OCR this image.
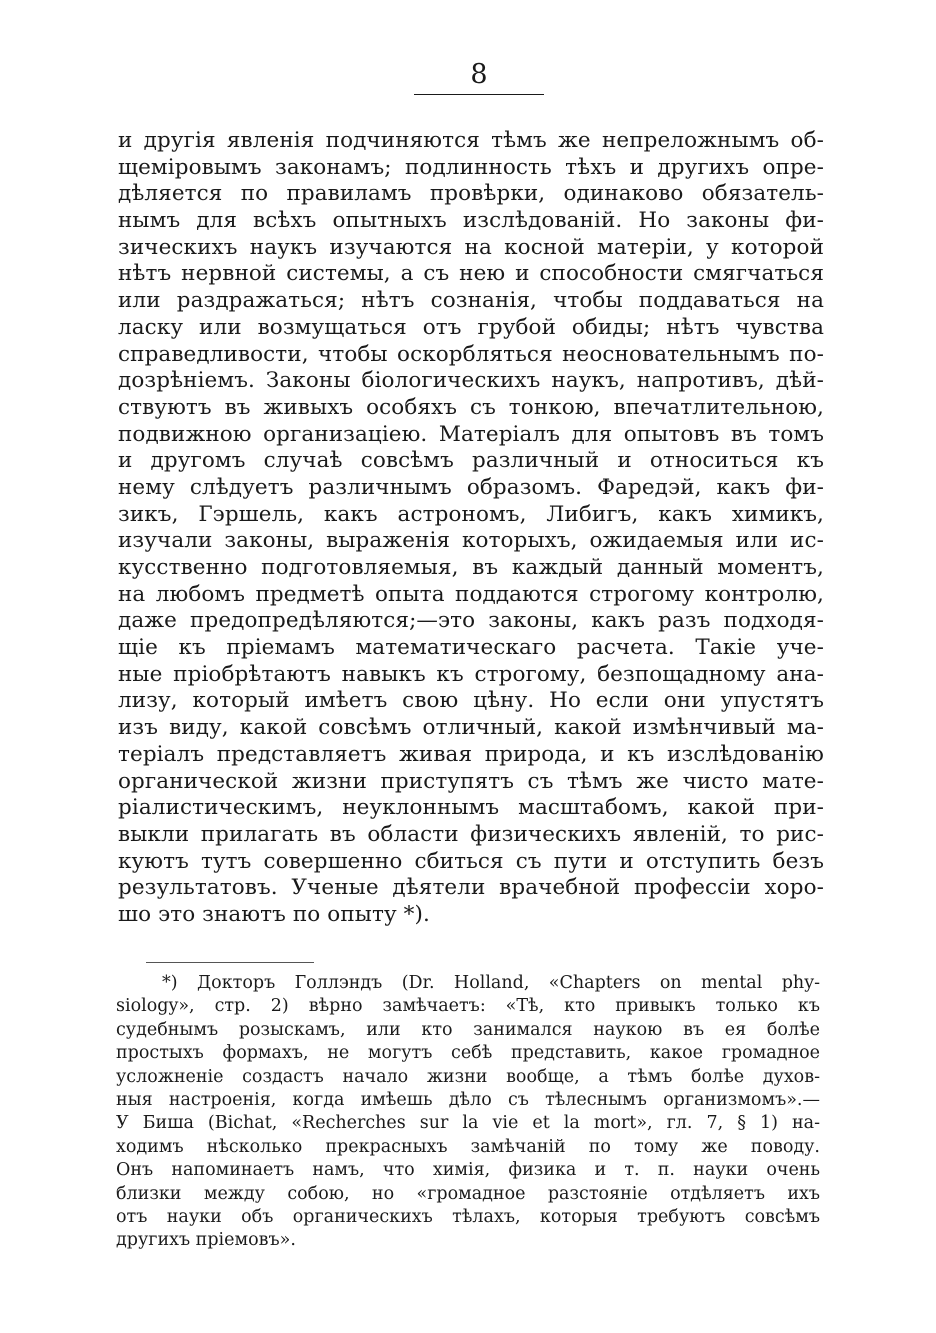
8
и другія явленія подчиняются тѣмъ же непреложнымъ об-
щеміровымъ законамъ; подлинность тѣхъ и другихъ опре-
дѣляется по правиламъ провѣрки, одинаково обязатель-
нымъ для всѣхъ опытныхъ изслѣдованій. Но законы фи-
зическихъ наукъ изучаются на косной матеріи, у которой
нѣтъ нервной системы, а съ нею и способности смягчаться
или раздражаться; нѣтъ сознанія, чтобы поддаваться на
ласку или возмущаться отъ грубой обиды; нѣтъ чувства
справедливости, чтобы оскорбляться неосновательнымъ по-
дозрѣніемъ. Законы біологическихъ наукъ, напротивъ, дѣй-
ствуютъ въ живыхъ особяхъ съ тонкою, впечатлительною,
подвижною организаціею. Матеріалъ для опытовъ въ томъ
и другомъ случаѣ совсѣмъ различный и относиться къ
нему слѣдуетъ различнымъ образомъ. Фаредэй, какъ фи-
зикъ, Гэршель, какъ астрономъ, Либигъ, какъ химикъ,
изучали законы, выраженія которыхъ, ожидаемыя или ис-
кусственно подготовляемыя, въ каждый данный моментъ,
на любомъ предметѣ опыта поддаются строгому контролю,
даже предопредѣляются;—это законы, какъ разъ подходя-
щіе къ пріемамъ математическаго расчета. Такіе уче-
ные пріобрѣтаютъ навыкъ къ строгому, безпощадному ана-
лизу, который имѣетъ свою цѣну. Но если они упустятъ
изъ виду, какой совсѣмъ отличный, какой измѣнчивый ма-
теріалъ представляетъ живая природа, и къ изслѣдованію
органической жизни приступятъ съ тѣмъ же чисто мате-
ріалистическимъ, неуклоннымъ масштабомъ, какой при-
выкли прилагать въ области физическихъ явленій, то рис-
куютъ тутъ совершенно сбиться съ пути и отступить безъ
результатовъ. Ученые дѣятели врачебной профессіи хоро-
шо это знаютъ по опыту *).
*) Докторъ Голлэндъ (Dr. Holland, «Chapters on mental phy-
siology», стр. 2) вѣрно замѣчаетъ: «Тѣ, кто привыкъ только къ
судебнымъ розыскамъ, или кто занимался наукою въ ея болѣе
простыхъ формахъ, не могутъ себѣ представить, какое громадное
усложненіе создастъ начало жизни вообще, а тѣмъ болѣе духов-
ныя настроенія, когда имѣешь дѣло съ тѣлеснымъ организмомъ».—
У Биша (Bichat, «Recherches sur la vie et la mort», гл. 7, § 1) на-
ходимъ нѣсколько прекрасныхъ замѣчаній по тому же поводу.
Онъ напоминаетъ намъ, что химія, физика и т. п. науки очень
близки между собою, но «громадное разстояніе отдѣляетъ ихъ
отъ науки объ органическихъ тѣлахъ, которыя требуютъ совсѣмъ
другихъ пріемовъ».
